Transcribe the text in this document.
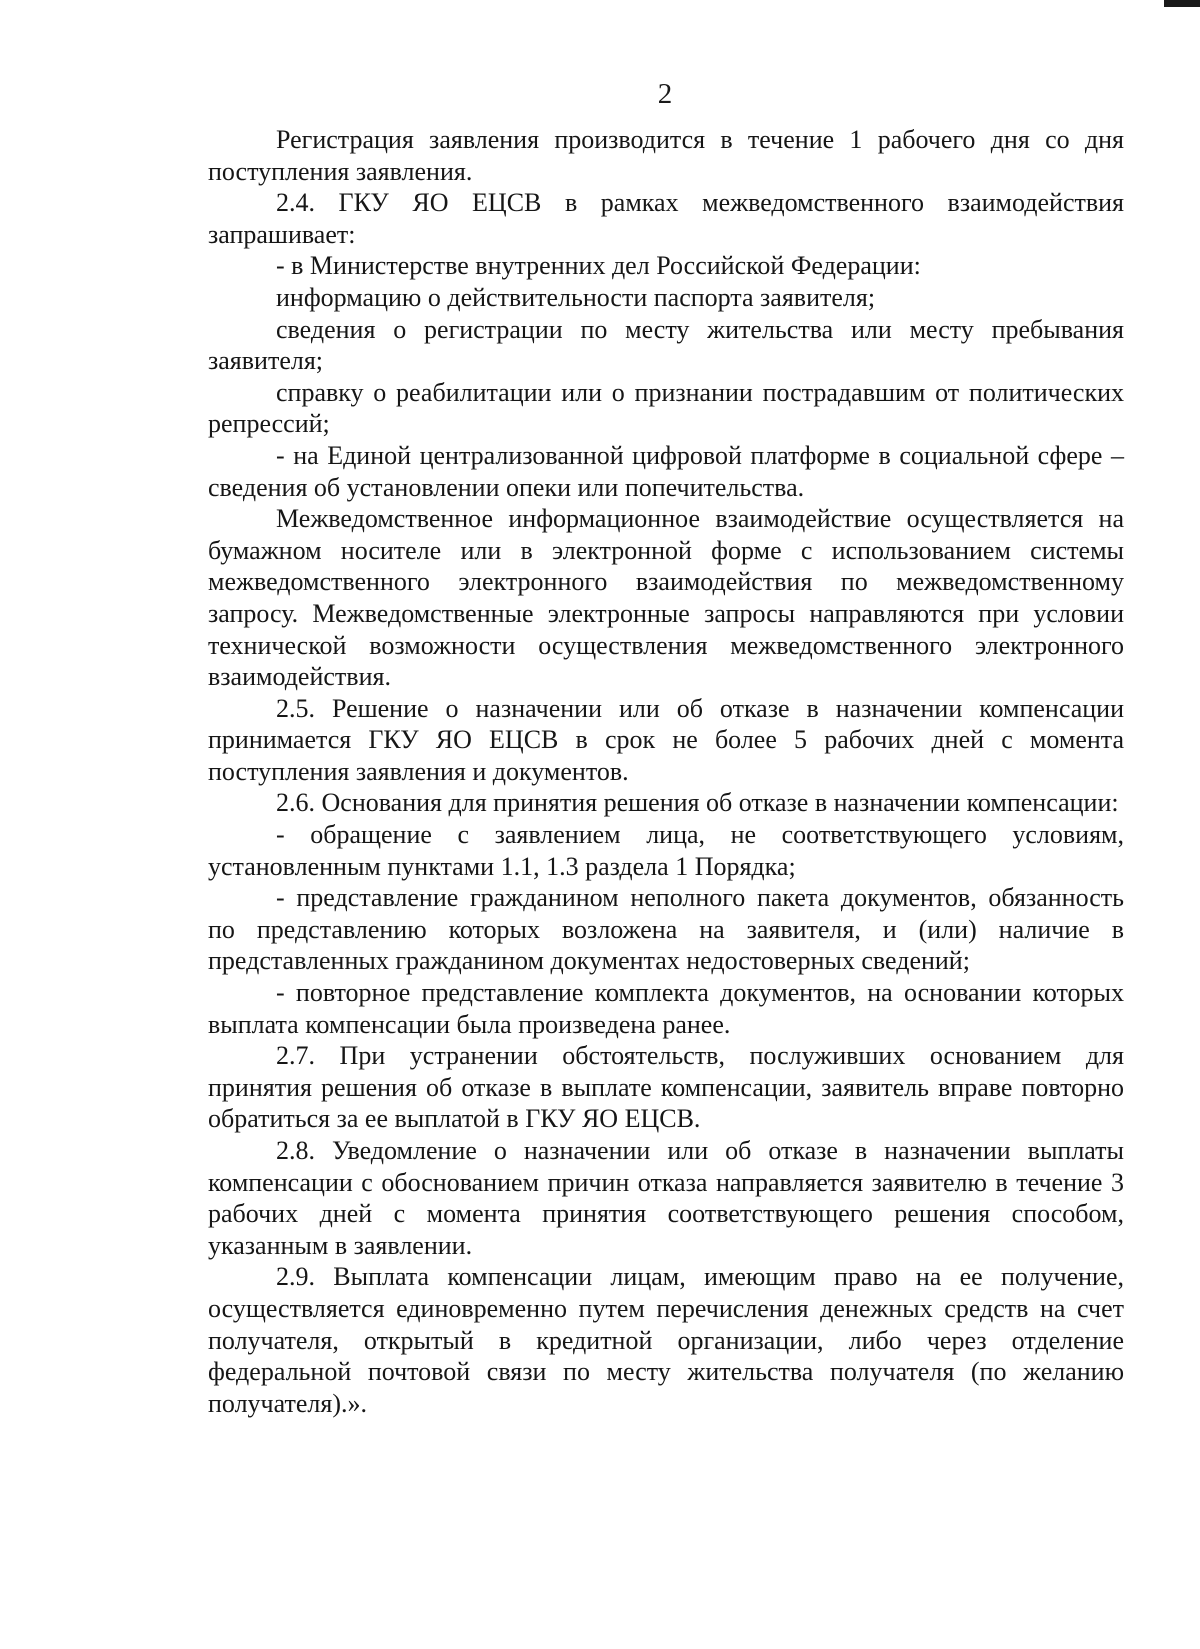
2

Регистрация заявления производится в течение 1 рабочего дня со дня поступления заявления.

2.4. ГКУ ЯО ЕЦСВ в рамках межведомственного взаимодействия запрашивает:

- в Министерстве внутренних дел Российской Федерации:

информацию о действительности паспорта заявителя;

сведения о регистрации по месту жительства или месту пребывания заявителя;

справку о реабилитации или о признании пострадавшим от политических репрессий;

- на Единой централизованной цифровой платформе в социальной сфере – сведения об установлении опеки или попечительства.

Межведомственное информационное взаимодействие осуществляется на бумажном носителе или в электронной форме с использованием системы межведомственного электронного взаимодействия по межведомственному запросу. Межведомственные электронные запросы направляются при условии технической возможности осуществления межведомственного электронного взаимодействия.

2.5. Решение о назначении или об отказе в назначении компенсации принимается ГКУ ЯО ЕЦСВ в срок не более 5 рабочих дней с момента поступления заявления и документов.

2.6. Основания для принятия решения об отказе в назначении компенсации:

- обращение с заявлением лица, не соответствующего условиям, установленным пунктами 1.1, 1.3 раздела 1 Порядка;

- представление гражданином неполного пакета документов, обязанность по представлению которых возложена на заявителя, и (или) наличие в представленных гражданином документах недостоверных сведений;

- повторное представление комплекта документов, на основании которых выплата компенсации была произведена ранее.

2.7. При устранении обстоятельств, послуживших основанием для принятия решения об отказе в выплате компенсации, заявитель вправе повторно обратиться за ее выплатой в ГКУ ЯО ЕЦСВ.

2.8. Уведомление о назначении или об отказе в назначении выплаты компенсации с обоснованием причин отказа направляется заявителю в течение 3 рабочих дней с момента принятия соответствующего решения способом, указанным в заявлении.

2.9. Выплата компенсации лицам, имеющим право на ее получение, осуществляется единовременно путем перечисления денежных средств на счет получателя, открытый в кредитной организации, либо через отделение федеральной почтовой связи по месту жительства получателя (по желанию получателя).».
